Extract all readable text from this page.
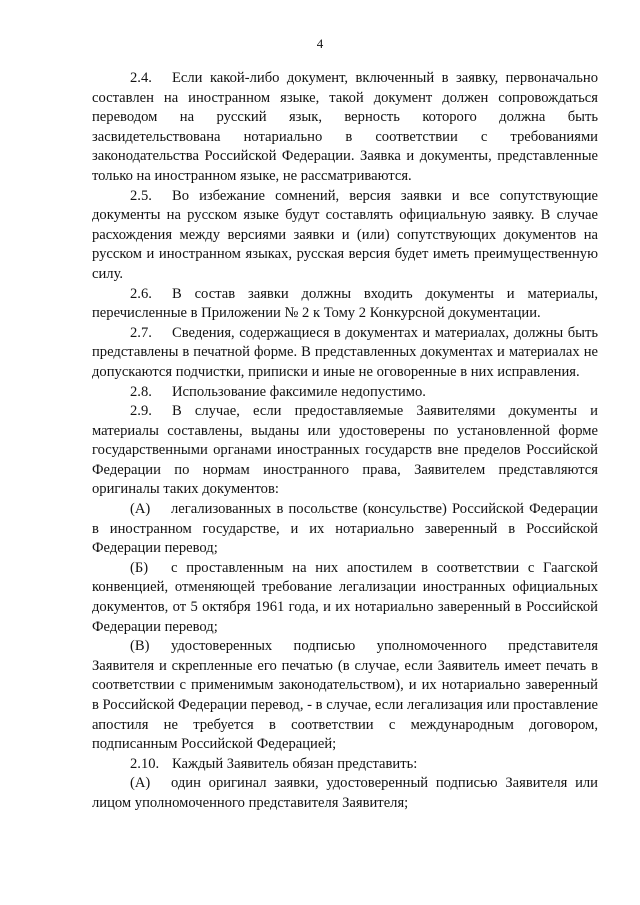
4

2.4. Если какой-либо документ, включенный в заявку, первоначально составлен на иностранном языке, такой документ должен сопровождаться переводом на русский язык, верность которого должна быть засвидетельствована нотариально в соответствии с требованиями законодательства Российской Федерации. Заявка и документы, представленные только на иностранном языке, не рассматриваются.

2.5. Во избежание сомнений, версия заявки и все сопутствующие документы на русском языке будут составлять официальную заявку. В случае расхождения между версиями заявки и (или) сопутствующих документов на русском и иностранном языках, русская версия будет иметь преимущественную силу.

2.6. В состав заявки должны входить документы и материалы, перечисленные в Приложении № 2 к Тому 2 Конкурсной документации.

2.7. Сведения, содержащиеся в документах и материалах, должны быть представлены в печатной форме. В представленных документах и материалах не допускаются подчистки, приписки и иные не оговоренные в них исправления.

2.8. Использование факсимиле недопустимо.

2.9. В случае, если предоставляемые Заявителями документы и материалы составлены, выданы или удостоверены по установленной форме государственными органами иностранных государств вне пределов Российской Федерации по нормам иностранного права, Заявителем представляются оригиналы таких документов:

(А) легализованных в посольстве (консульстве) Российской Федерации в иностранном государстве, и их нотариально заверенный в Российской Федерации перевод;

(Б) с проставленным на них апостилем в соответствии с Гаагской конвенцией, отменяющей требование легализации иностранных официальных документов, от 5 октября 1961 года, и их нотариально заверенный в Российской Федерации перевод;

(В) удостоверенных подписью уполномоченного представителя Заявителя и скрепленные его печатью (в случае, если Заявитель имеет печать в соответствии с применимым законодательством), и их нотариально заверенный в Российской Федерации перевод, - в случае, если легализация или проставление апостиля не требуется в соответствии с международным договором, подписанным Российской Федерацией;

2.10. Каждый Заявитель обязан представить:

(А) один оригинал заявки, удостоверенный подписью Заявителя или лицом уполномоченного представителя Заявителя;
